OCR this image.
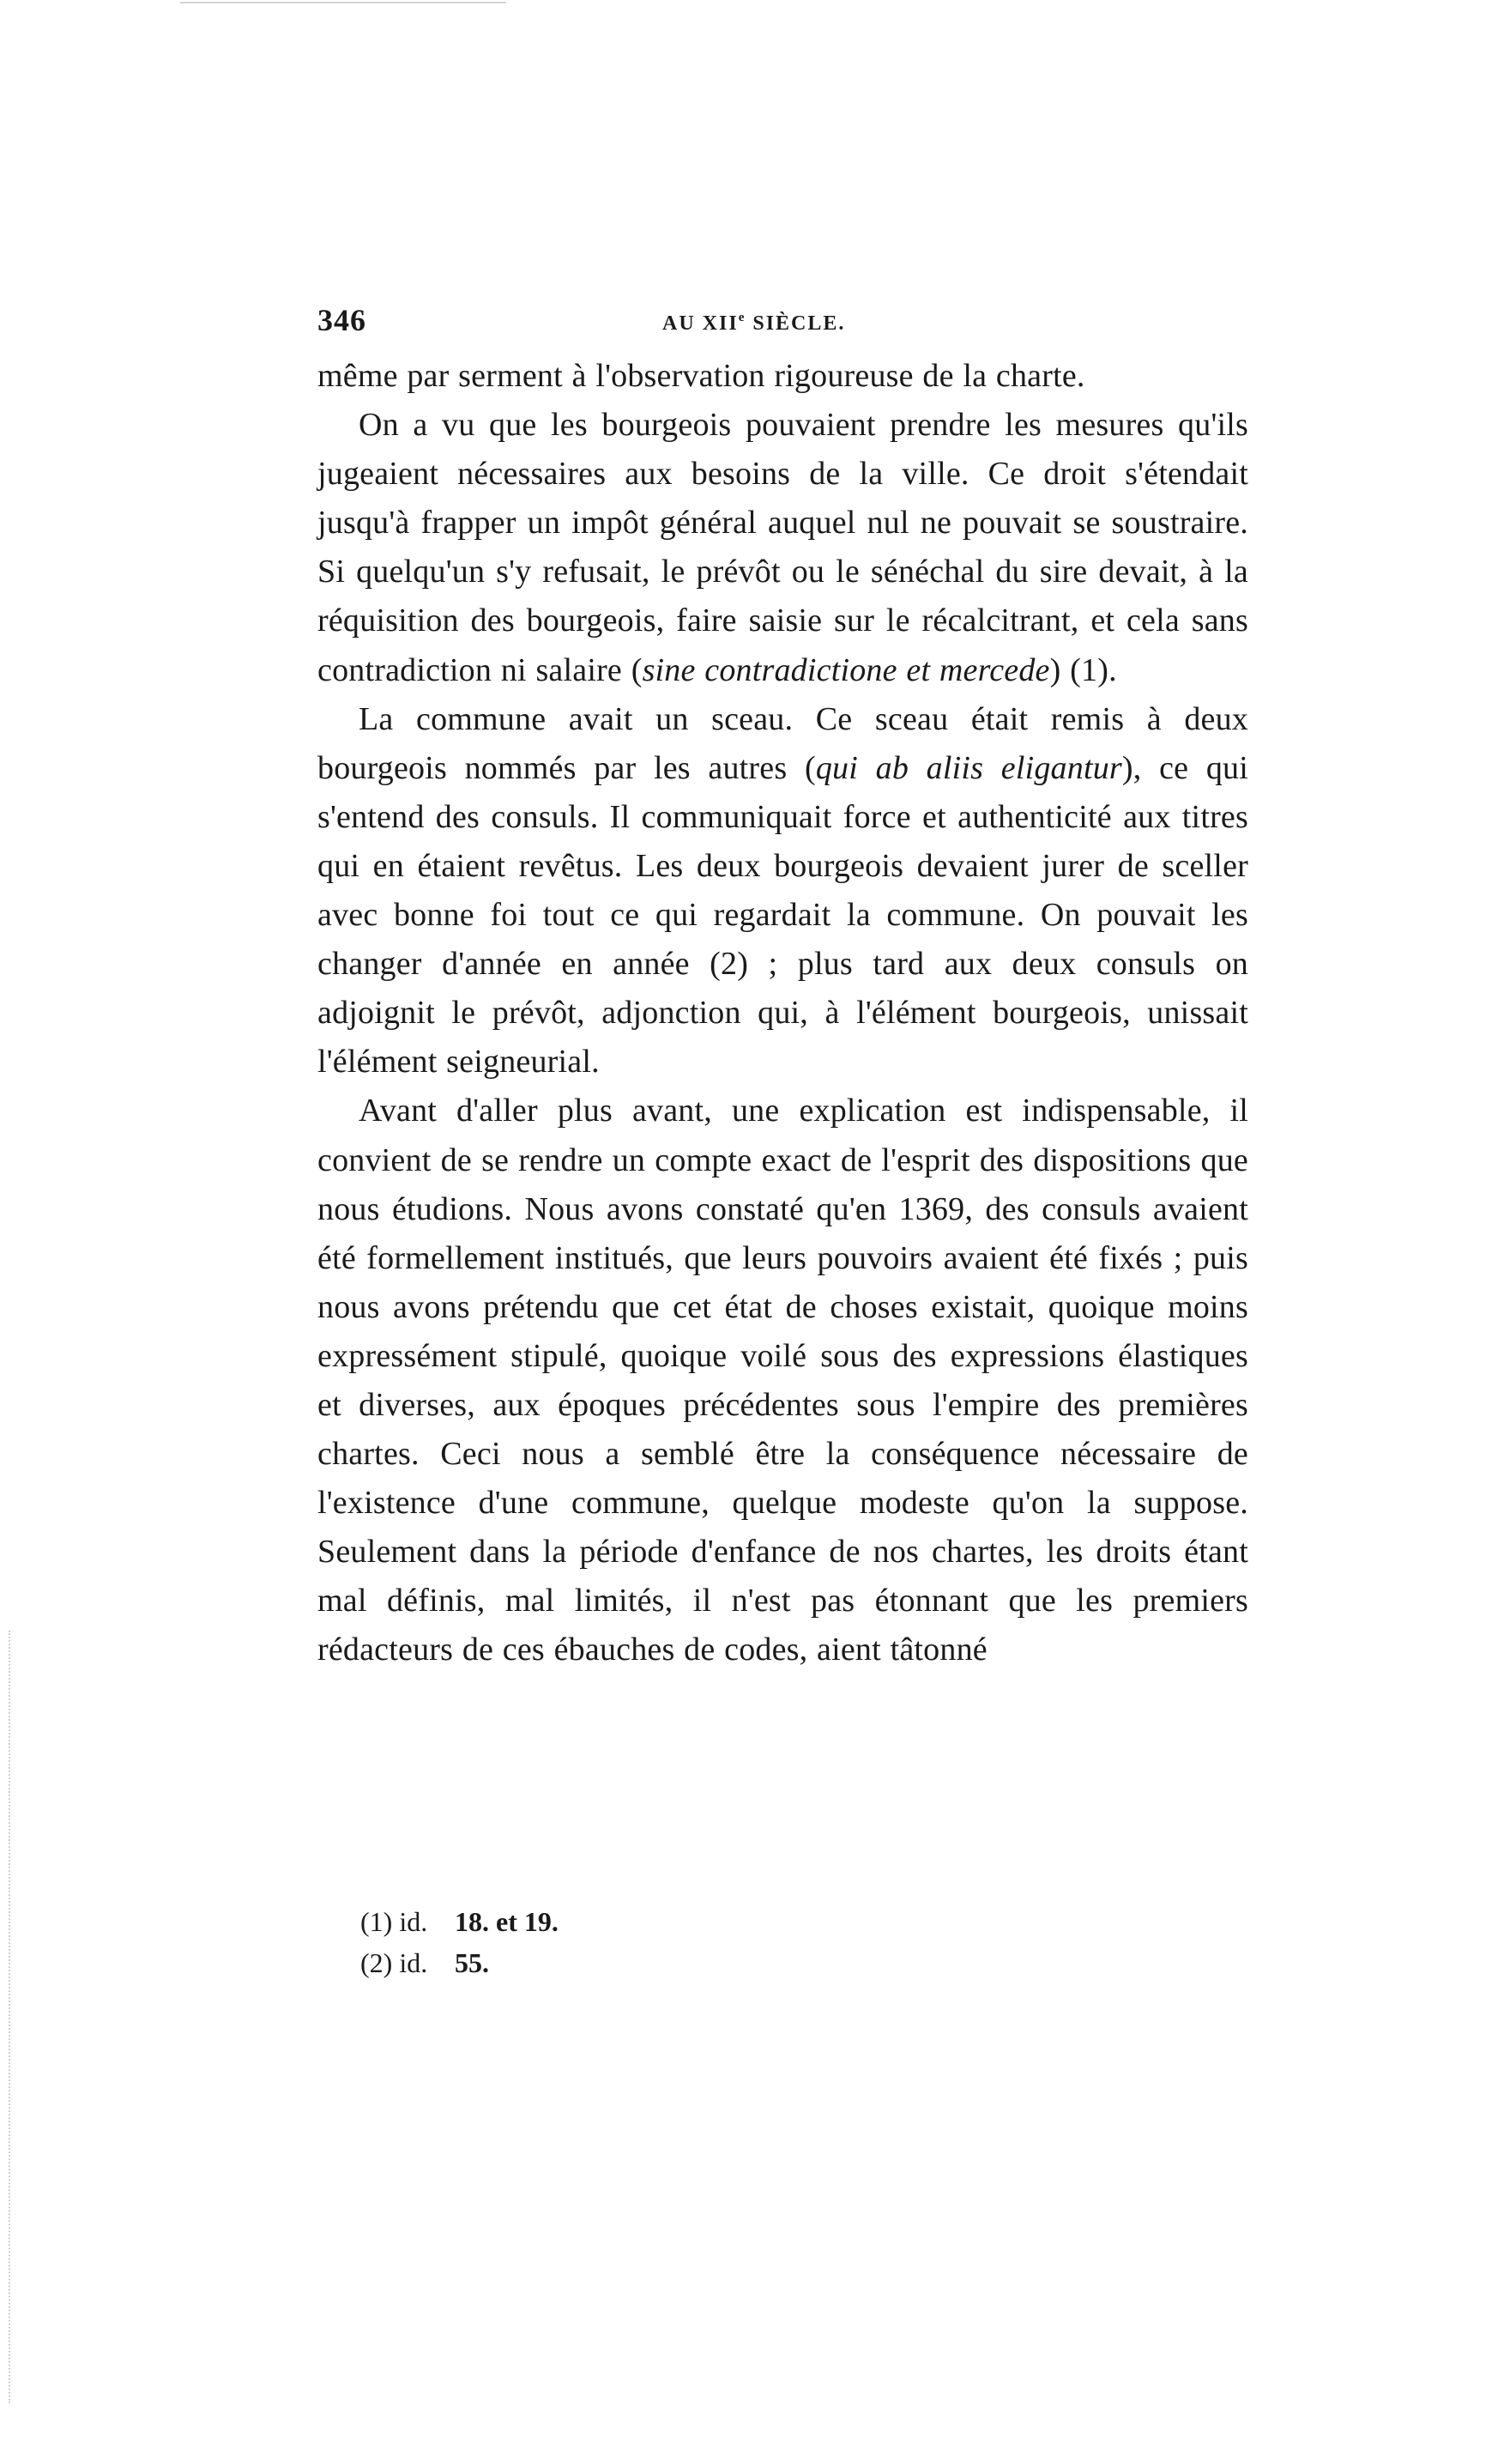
346	AU XIIe SIÈCLE.

même par serment à l'observation rigoureuse de la charte.

On a vu que les bourgeois pouvaient prendre les mesures qu'ils jugeaient nécessaires aux besoins de la ville. Ce droit s'étendait jusqu'à frapper un impôt général auquel nul ne pouvait se soustraire. Si quelqu'un s'y refusait, le prévôt ou le sénéchal du sire devait, à la réquisition des bourgeois, faire saisie sur le récalcitrant, et cela sans contradiction ni salaire (sine contradictione et mercede) (1).

La commune avait un sceau. Ce sceau était remis à deux bourgeois nommés par les autres (qui ab aliis eligantur), ce qui s'entend des consuls. Il communiquait force et authenticité aux titres qui en étaient revêtus. Les deux bourgeois devaient jurer de sceller avec bonne foi tout ce qui regardait la commune. On pouvait les changer d'année en année (2) ; plus tard aux deux consuls on adjoignit le prévôt, adjonction qui, à l'élément bourgeois, unissait l'élément seigneurial.

Avant d'aller plus avant, une explication est indispensable, il convient de se rendre un compte exact de l'esprit des dispositions que nous étudions. Nous avons constaté qu'en 1369, des consuls avaient été formellement institués, que leurs pouvoirs avaient été fixés ; puis nous avons prétendu que cet état de choses existait, quoique moins expressément stipulé, quoique voilé sous des expressions élastiques et diverses, aux époques précédentes sous l'empire des premières chartes. Ceci nous a semblé être la conséquence nécessaire de l'existence d'une commune, quelque modeste qu'on la suppose. Seulement dans la période d'enfance de nos chartes, les droits étant mal définis, mal limités, il n'est pas étonnant que les premiers rédacteurs de ces ébauches de codes, aient tâtonné

(1) id. 18. et 19.
(2) id. 55.
